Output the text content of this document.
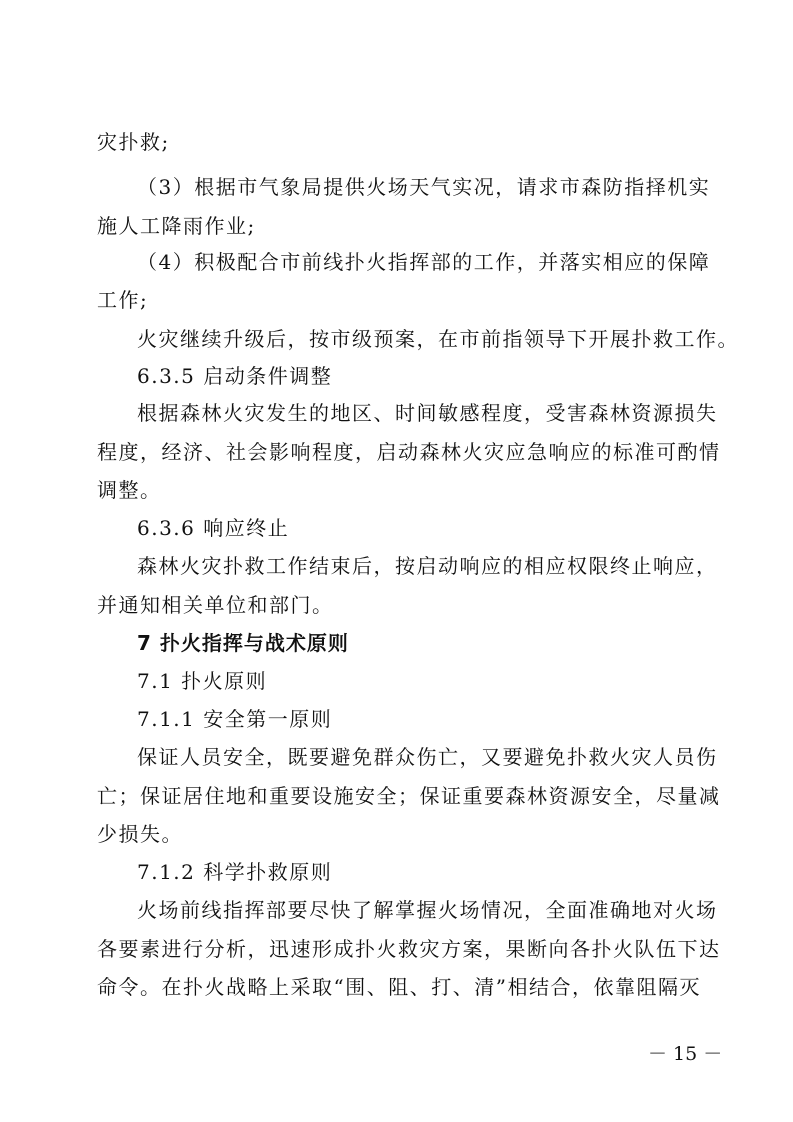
灾扑救;
（3）根据市气象局提供火场天气实况，请求市森防指择机实
施人工降雨作业;
（4）积极配合市前线扑火指挥部的工作，并落实相应的保障
工作;
火灾继续升级后，按市级预案，在市前指领导下开展扑救工作。
6.3.5 启动条件调整
根据森林火灾发生的地区、时间敏感程度，受害森林资源损失
程度，经济、社会影响程度，启动森林火灾应急响应的标准可酌情
调整。
6.3.6 响应终止
森林火灾扑救工作结束后，按启动响应的相应权限终止响应，
并通知相关单位和部门。
7 扑火指挥与战术原则
7.1 扑火原则
7.1.1 安全第一原则
保证人员安全，既要避免群众伤亡，又要避免扑救火灾人员伤
亡；保证居住地和重要设施安全；保证重要森林资源安全，尽量减
少损失。
7.1.2 科学扑救原则
火场前线指挥部要尽快了解掌握火场情况，全面准确地对火场
各要素进行分析，迅速形成扑火救灾方案，果断向各扑火队伍下达
命令。在扑火战略上采取“围、阻、打、清”相结合，依靠阻隔灭
－ 15 －
